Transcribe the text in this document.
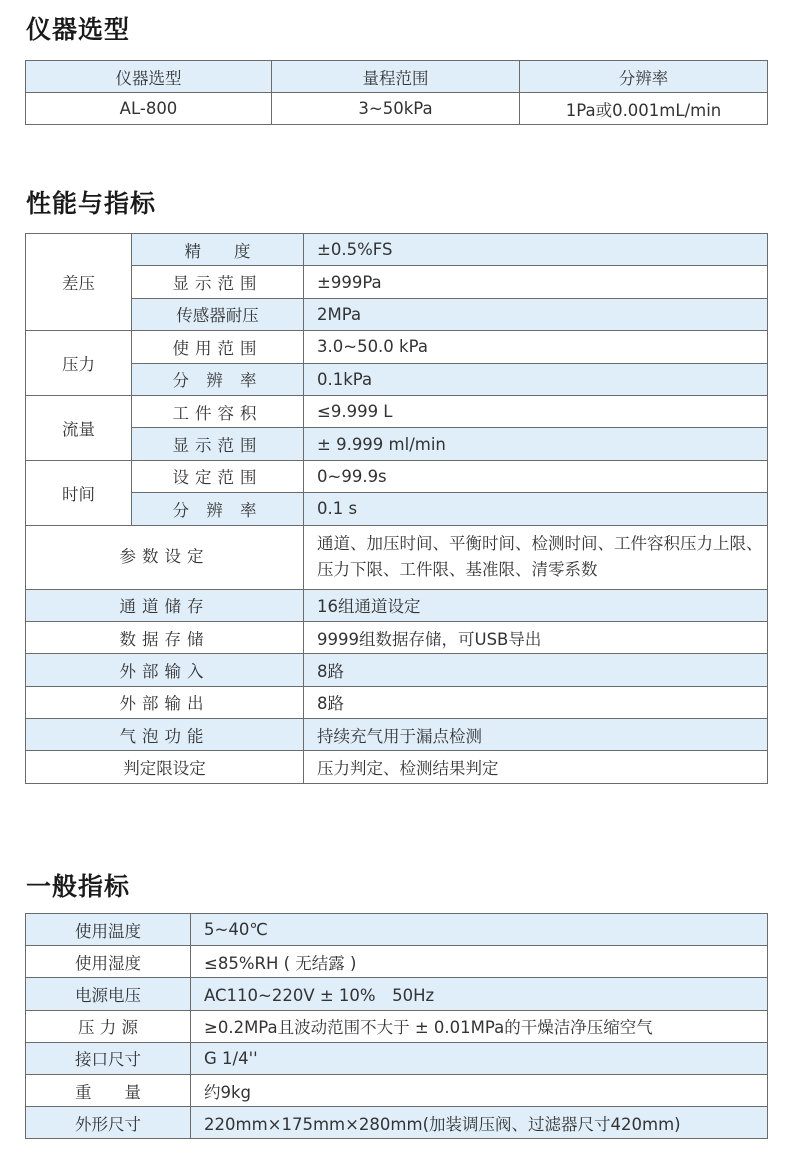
仪器选型
仪器选型	量程范围	分辨率
AL-800	3~50kPa	1Pa或0.001mL/min
性能与指标
差压	精　　度	±0.5%FS
	显示范围	±999Pa
	传感器耐压	2MPa
压力	使用范围	3.0~50.0 kPa
	分 辨 率	0.1kPa
流量	工件容积	≤9.999 L
	显示范围	± 9.999 ml/min
时间	设定范围	0~99.9s
	分 辨 率	0.1 s
参数设定		通道、加压时间、平衡时间、检测时间、工件容积压力上限、压力下限、工件限、基准限、清零系数
通道储存		16组通道设定
数据存储		9999组数据存储，可USB导出
外部输入		8路
外部输出		8路
气泡功能		持续充气用于漏点检测
判定限设定		压力判定、检测结果判定
一般指标
使用温度	5~40℃
使用湿度	≤85%RH ( 无结露 )
电源电压	AC110~220V ± 10%　50Hz
压 力 源	≥0.2MPa且波动范围不大于 ± 0.01MPa的干燥洁净压缩空气
接口尺寸	G 1/4''
重　　量	约9kg
外形尺寸	220mm×175mm×280mm(加装调压阀、过滤器尺寸420mm)
